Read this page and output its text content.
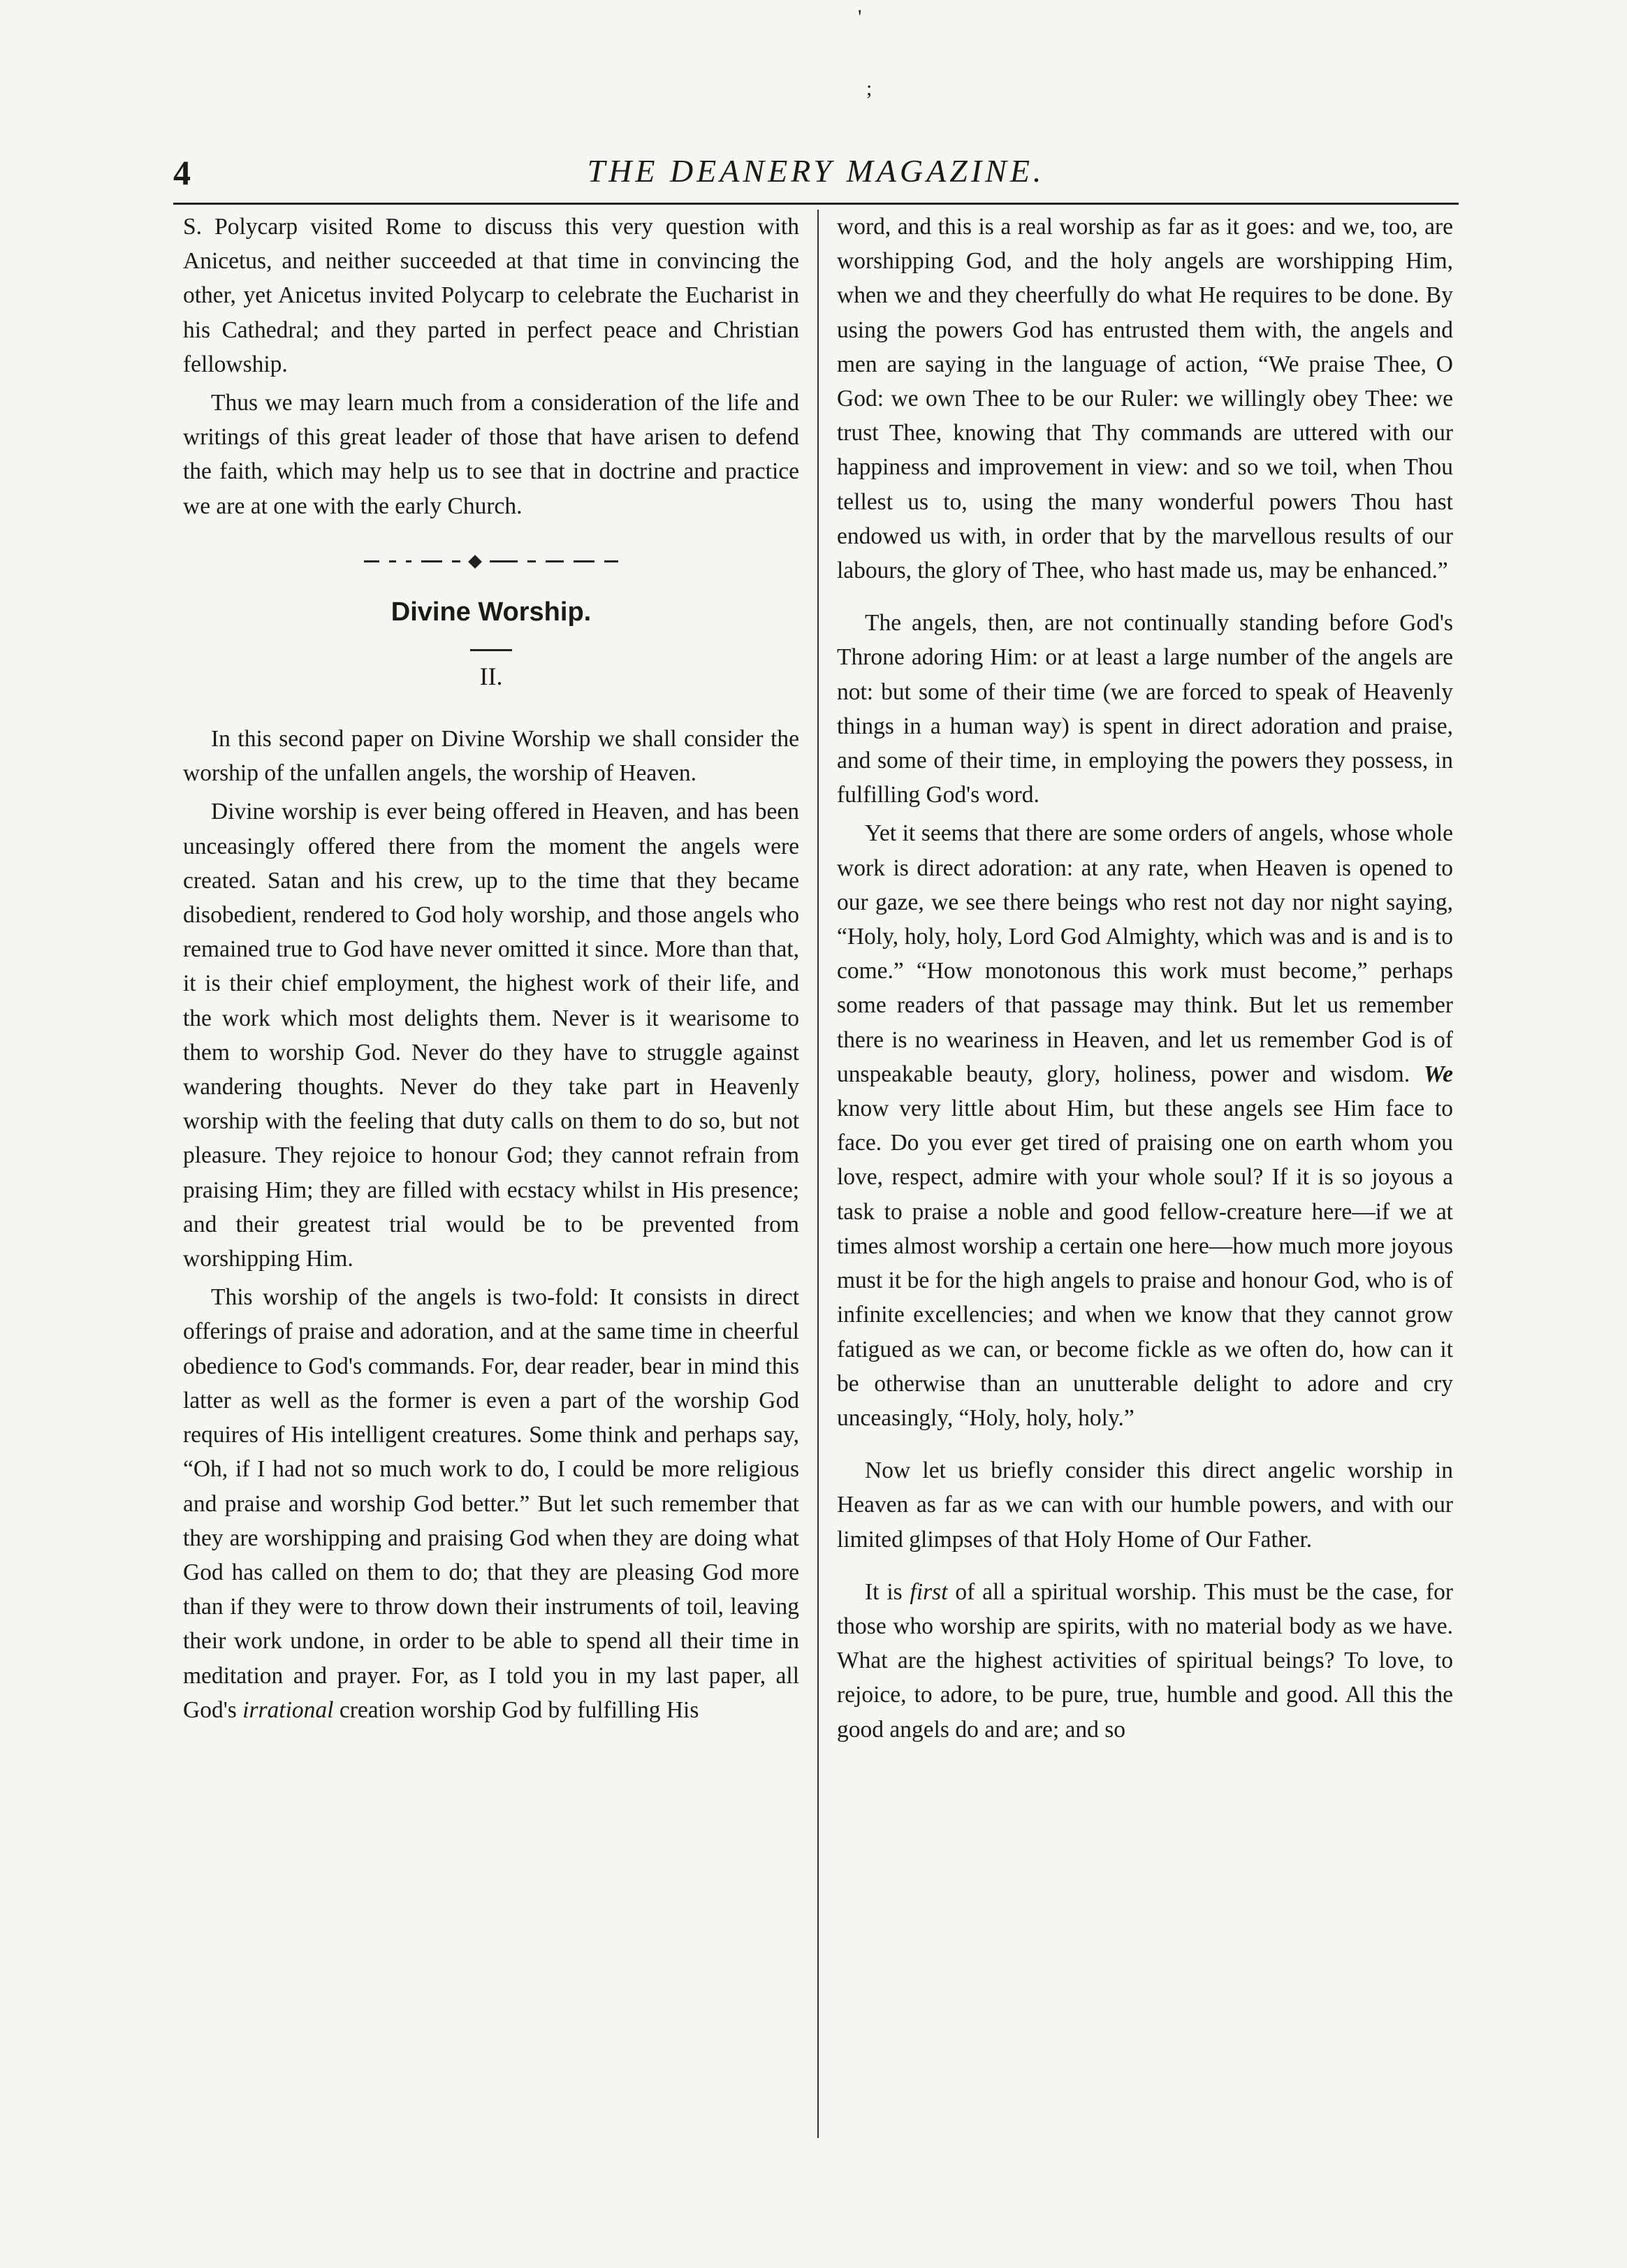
4	THE DEANERY MAGAZINE.

S. Polycarp visited Rome to discuss this very question with Anicetus, and neither succeeded at that time in convincing the other, yet Anicetus invited Polycarp to celebrate the Eucharist in his Cathedral; and they parted in perfect peace and Christian fellowship.

Thus we may learn much from a consideration of the life and writings of this great leader of those that have arisen to defend the faith, which may help us to see that in doctrine and practice we are at one with the early Church.

Divine Worship.
II.

In this second paper on Divine Worship we shall consider the worship of the unfallen angels, the worship of Heaven.

Divine worship is ever being offered in Heaven, and has been unceasingly offered there from the moment the angels were created. Satan and his crew, up to the time that they became disobedient, rendered to God holy worship, and those angels who remained true to God have never omitted it since. More than that, it is their chief employment, the highest work of their life, and the work which most delights them. Never is it wearisome to them to worship God. Never do they have to struggle against wandering thoughts. Never do they take part in Heavenly worship with the feeling that duty calls on them to do so, but not pleasure. They rejoice to honour God; they cannot refrain from praising Him; they are filled with ecstacy whilst in His presence; and their greatest trial would be to be prevented from worshipping Him.

This worship of the angels is two-fold: It consists in direct offerings of praise and adoration, and at the same time in cheerful obedience to God's commands. For, dear reader, bear in mind this latter as well as the former is even a part of the worship God requires of His intelligent creatures. Some think and perhaps say, “Oh, if I had not so much work to do, I could be more religious and praise and worship God better.” But let such remember that they are worshipping and praising God when they are doing what God has called on them to do; that they are pleasing God more than if they were to throw down their instruments of toil, leaving their work undone, in order to be able to spend all their time in meditation and prayer. For, as I told you in my last paper, all God's irrational creation worship God by fulfilling His

word, and this is a real worship as far as it goes: and we, too, are worshipping God, and the holy angels are worshipping Him, when we and they cheerfully do what He requires to be done. By using the powers God has entrusted them with, the angels and men are saying in the language of action, “We praise Thee, O God: we own Thee to be our Ruler: we willingly obey Thee: we trust Thee, knowing that Thy commands are uttered with our happiness and improvement in view: and so we toil, when Thou tellest us to, using the many wonderful powers Thou hast endowed us with, in order that by the marvellous results of our labours, the glory of Thee, who hast made us, may be enhanced.”

The angels, then, are not continually standing before God's Throne adoring Him: or at least a large number of the angels are not: but some of their time (we are forced to speak of Heavenly things in a human way) is spent in direct adoration and praise, and some of their time, in employing the powers they possess, in fulfilling God's word.

Yet it seems that there are some orders of angels, whose whole work is direct adoration: at any rate, when Heaven is opened to our gaze, we see there beings who rest not day nor night saying, “Holy, holy, holy, Lord God Almighty, which was and is and is to come.” “How monotonous this work must become,” perhaps some readers of that passage may think. But let us remember there is no weariness in Heaven, and let us remember God is of unspeakable beauty, glory, holiness, power and wisdom. We know very little about Him, but these angels see Him face to face. Do you ever get tired of praising one on earth whom you love, respect, admire with your whole soul? If it is so joyous a task to praise a noble and good fellow-creature here—if we at times almost worship a certain one here—how much more joyous must it be for the high angels to praise and honour God, who is of infinite excellencies; and when we know that they cannot grow fatigued as we can, or become fickle as we often do, how can it be otherwise than an unutterable delight to adore and cry unceasingly, “Holy, holy, holy.”

Now let us briefly consider this direct angelic worship in Heaven as far as we can with our humble powers, and with our limited glimpses of that Holy Home of Our Father.

It is first of all a spiritual worship. This must be the case, for those who worship are spirits, with no material body as we have. What are the highest activities of spiritual beings? To love, to rejoice, to adore, to be pure, true, humble and good. All this the good angels do and are; and so

'
;
